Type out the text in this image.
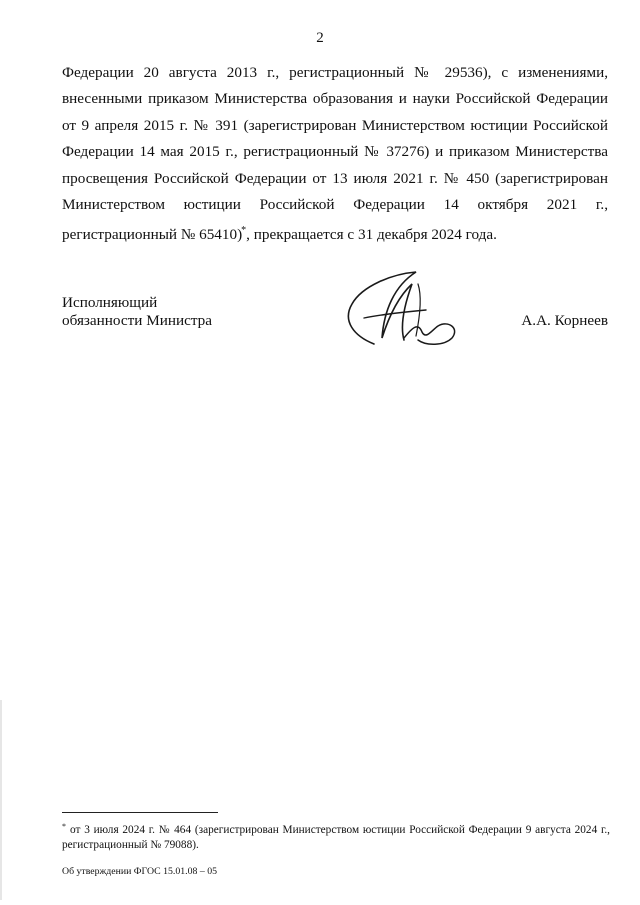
2

Федерации 20 августа 2013 г., регистрационный № 29536), с изменениями,
внесенными приказом Министерства образования и науки Российской Федерации
от 9 апреля 2015 г. № 391 (зарегистрирован Министерством юстиции Российской
Федерации 14 мая 2015 г., регистрационный № 37276) и приказом Министерства
просвещения Российской Федерации от 13 июля 2021 г. № 450 (зарегистрирован
Министерством юстиции Российской Федерации 14 октября 2021 г.,
регистрационный № 65410)*, прекращается с 31 декабря 2024 года.

Исполняющий
обязанности Министра	А.А. Корнеев

* от 3 июля 2024 г. № 464 (зарегистрирован Министерством юстиции Российской Федерации 9 августа 2024 г.,
регистрационный № 79088).

Об утверждении ФГОС 15.01.08 – 05
